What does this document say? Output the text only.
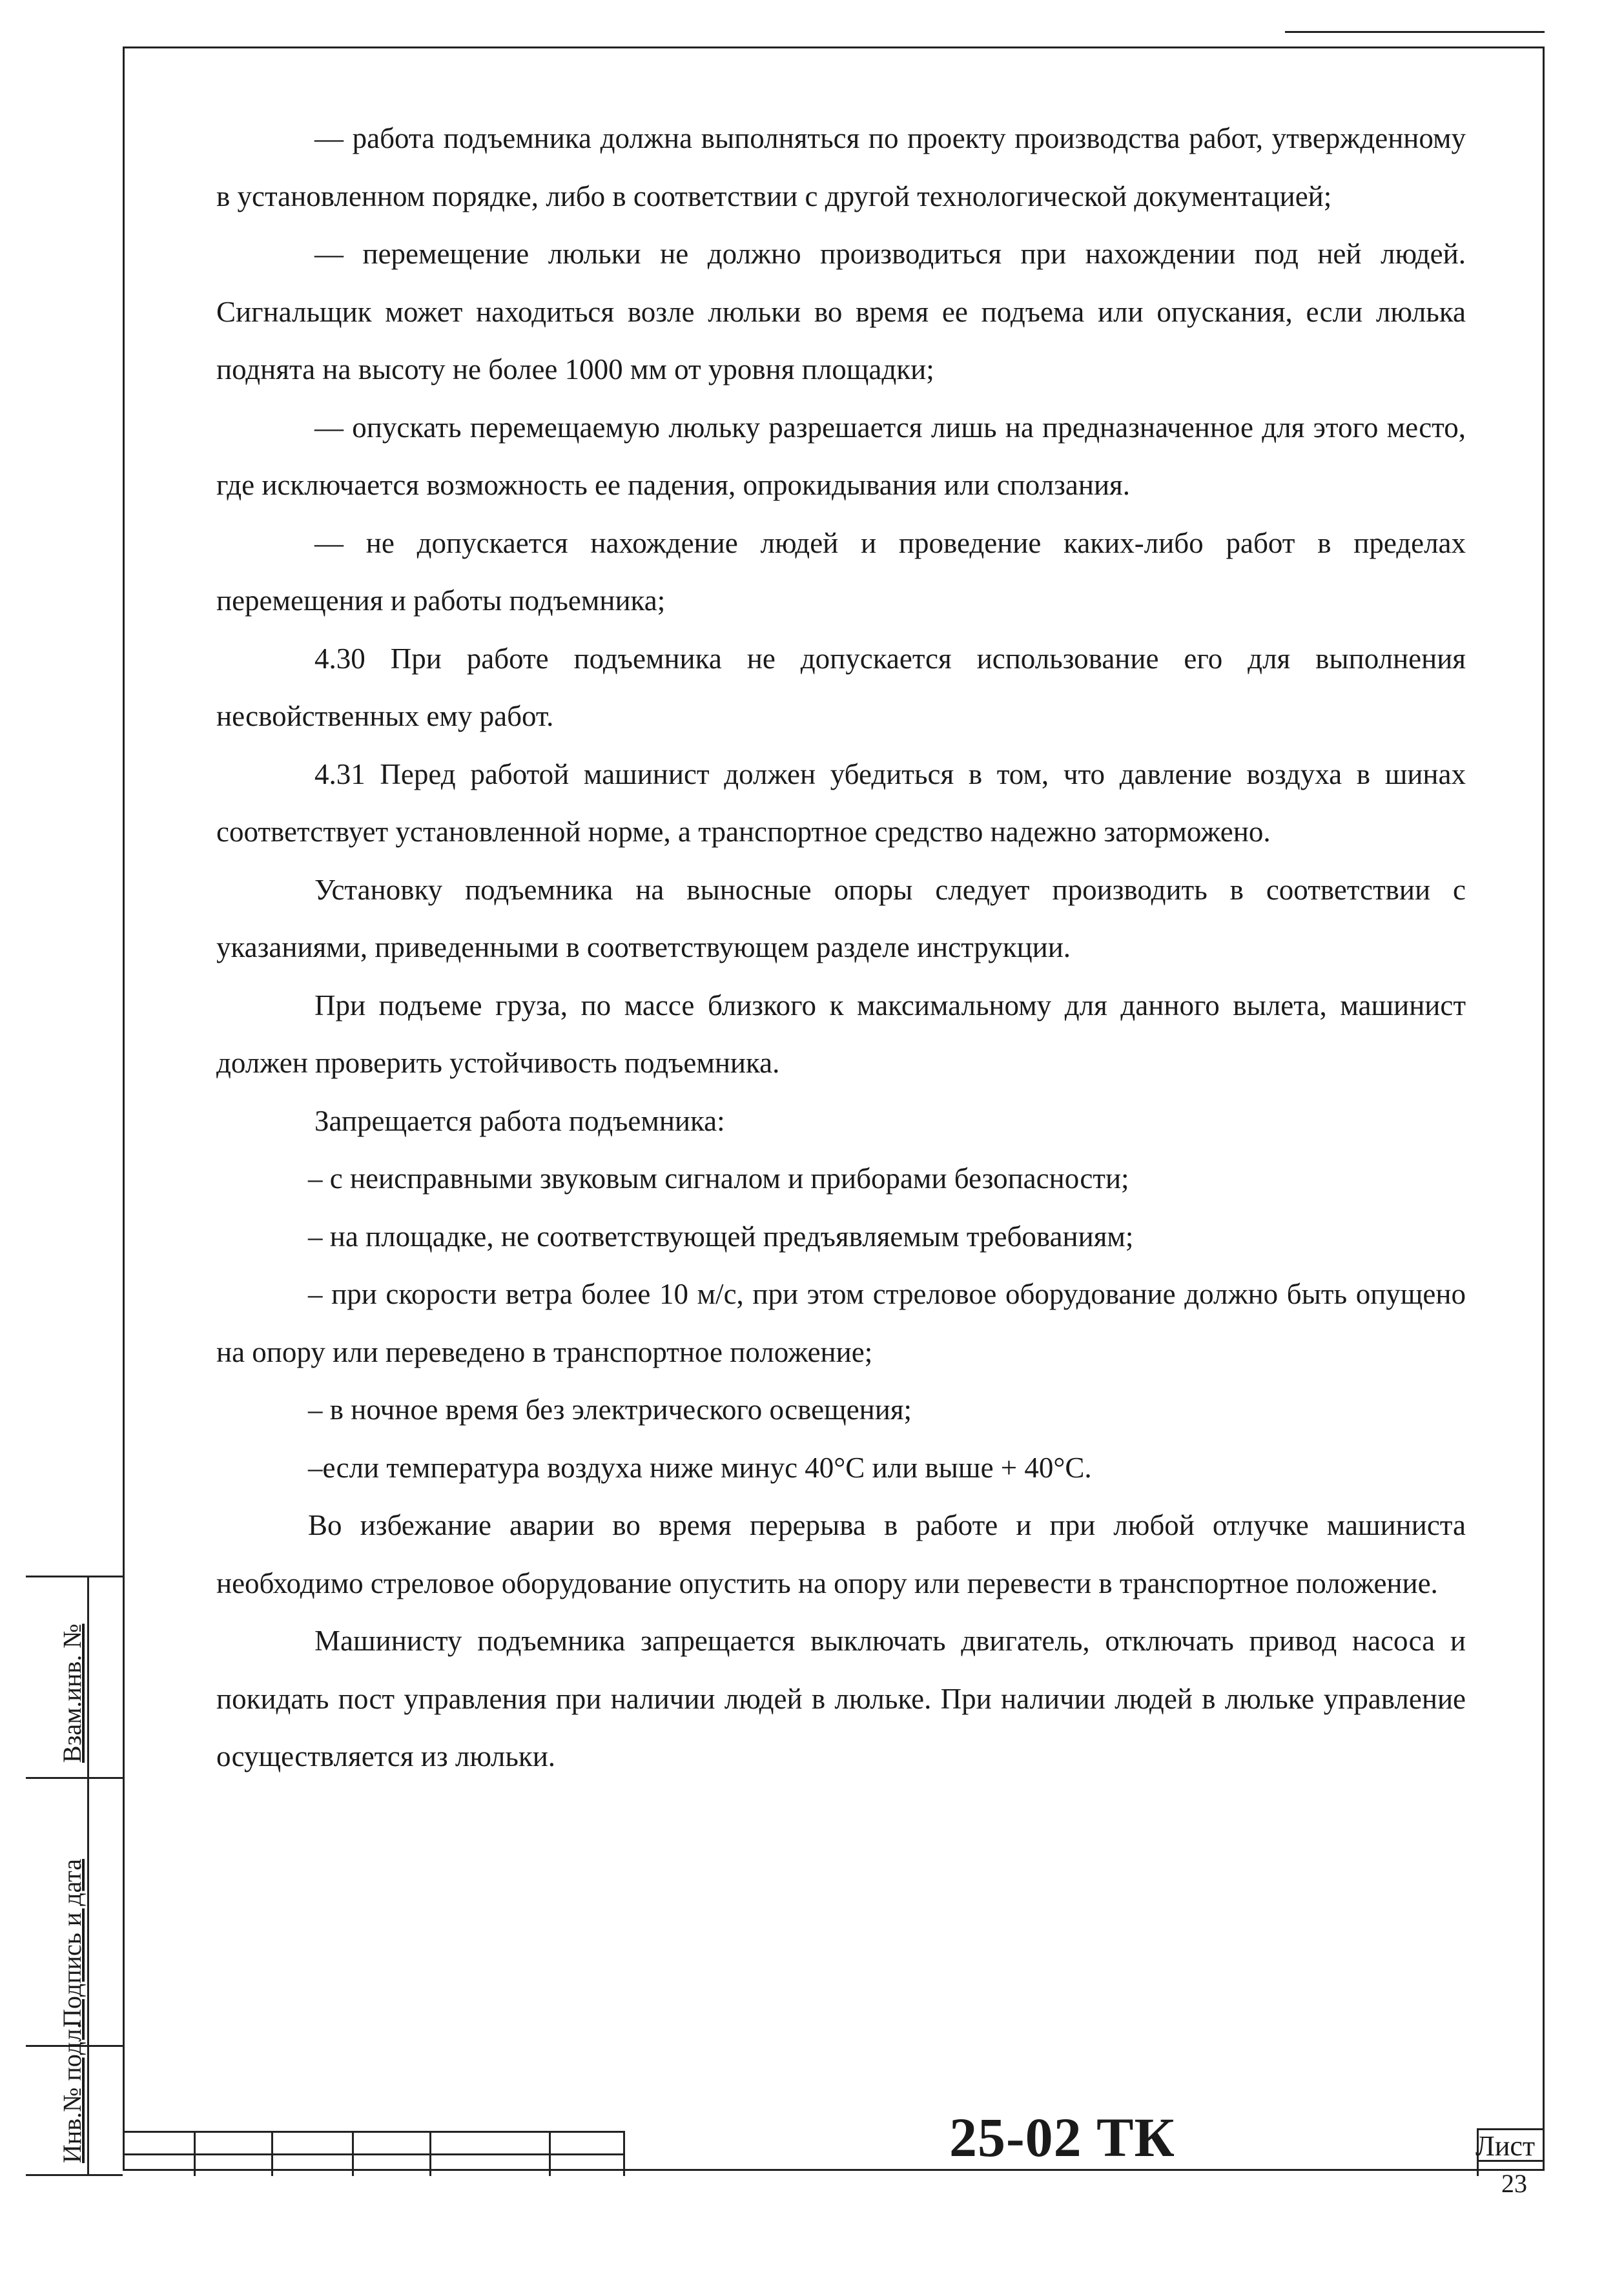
— работа подъемника должна выполняться по проекту производства работ, утвержденному в установленном порядке, либо в соответствии с другой технологической документацией;

— перемещение люльки не должно производиться при нахождении под ней людей. Сигнальщик может находиться возле люльки во время ее подъема или опускания, если люлька поднята на высоту не более 1000 мм от уровня площадки;

— опускать перемещаемую люльку разрешается лишь на предназначенное для этого место, где исключается возможность ее падения, опрокидывания или сползания.

— не допускается нахождение людей и проведение каких-либо работ в пределах перемещения и работы подъемника;

4.30 При работе подъемника не допускается использование его для выполнения несвойственных ему работ.

4.31 Перед работой машинист должен убедиться в том, что давление воздуха в шинах соответствует установленной норме, а транспортное средство надежно заторможено.

Установку подъемника на выносные опоры следует производить в соответствии с указаниями, приведенными в соответствующем разделе инструкции.

При подъеме груза, по массе близкого к максимальному для данного вылета, машинист должен проверить устойчивость подъемника.

Запрещается работа подъемника:

– с неисправными звуковым сигналом и приборами безопасности;

– на площадке, не соответствующей предъявляемым требованиям;

– при скорости ветра более 10 м/с, при этом стреловое оборудование должно быть опущено на опору или переведено в транспортное положение;

– в ночное время без электрического освещения;

–если температура воздуха ниже минус 40°С или выше + 40°С.

Во избежание аварии во время перерыва в работе и при любой отлучке машиниста необходимо стреловое оборудование опустить на опору или перевести в транспортное положение.

Машинисту подъемника запрещается выключать двигатель, отключать привод насоса и покидать пост управления при наличии людей в люльке. При наличии людей в люльке управление осуществляется из люльки.

Взам.инв. №
Подпись и дата
Инв.№ подл.	25-02 ТК	Лист
23
